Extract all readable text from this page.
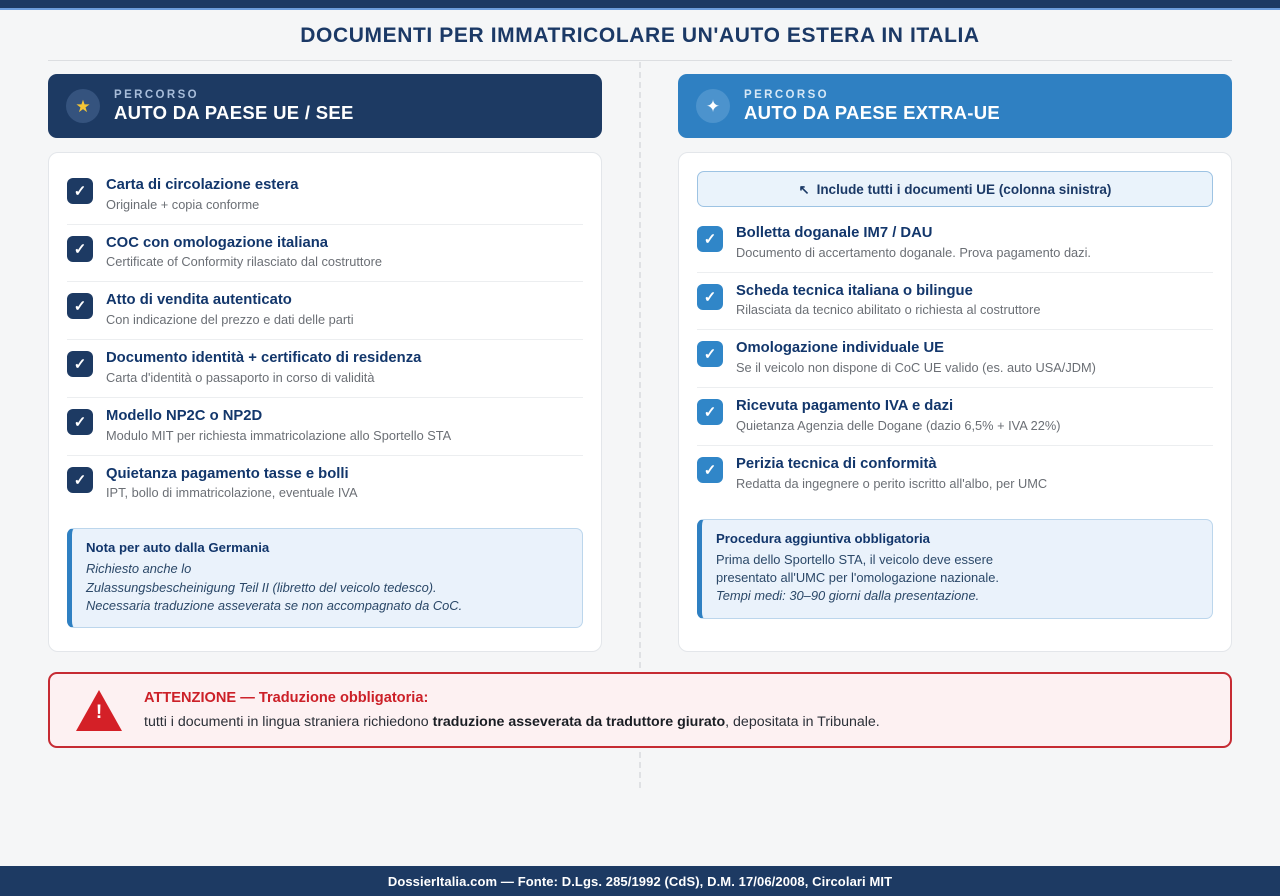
DOCUMENTI PER IMMATRICOLARE UN'AUTO ESTERA IN ITALIA
★
PERCORSO
AUTO DA PAESE UE / SEE
✓	Carta di circolazione estera
Originale + copia conforme
✓	COC con omologazione italiana
Certificate of Conformity rilasciato dal costruttore
✓	Atto di vendita autenticato
Con indicazione del prezzo e dati delle parti
✓	Documento identità + certificato di residenza
Carta d'identità o passaporto in corso di validità
✓	Modello NP2C o NP2D
Modulo MIT per richiesta immatricolazione allo Sportello STA
✓	Quietanza pagamento tasse e bolli
IPT, bollo di immatricolazione, eventuale IVA
Nota per auto dalla Germania
Richiesto anche lo
Zulassungsbescheinigung Teil II (libretto del veicolo tedesco).
Necessaria traduzione asseverata se non accompagnato da CoC.
✦
PERCORSO
AUTO DA PAESE EXTRA-UE
↖ Include tutti i documenti UE (colonna sinistra)
✓	Bolletta doganale IM7 / DAU
Documento di accertamento doganale. Prova pagamento dazi.
✓	Scheda tecnica italiana o bilingue
Rilasciata da tecnico abilitato o richiesta al costruttore
✓	Omologazione individuale UE
Se il veicolo non dispone di CoC UE valido (es. auto USA/JDM)
✓	Ricevuta pagamento IVA e dazi
Quietanza Agenzia delle Dogane (dazio 6,5% + IVA 22%)
✓	Perizia tecnica di conformità
Redatta da ingegnere o perito iscritto all'albo, per UMC
Procedura aggiuntiva obbligatoria
Prima dello Sportello STA, il veicolo deve essere
presentato all'UMC per l'omologazione nazionale.
Tempi medi: 30–90 giorni dalla presentazione.
!
ATTENZIONE — Traduzione obbligatoria:
tutti i documenti in lingua straniera richiedono traduzione asseverata da traduttore giurato, depositata in Tribunale.
DossierItalia.com — Fonte: D.Lgs. 285/1992 (CdS), D.M. 17/06/2008, Circolari MIT
